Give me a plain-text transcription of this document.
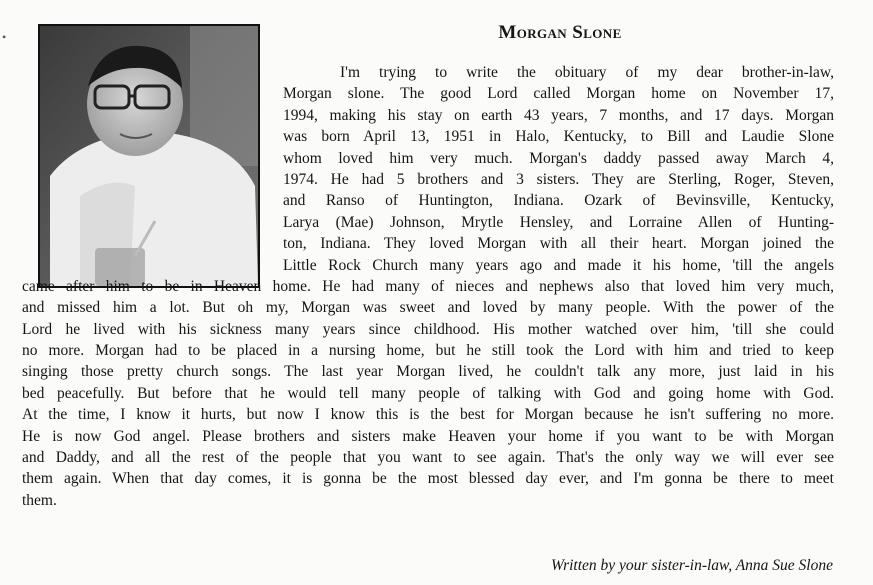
•	Morgan Slone
I'm trying to write the obituary of my dear brother-in-law,
Morgan slone. The good Lord called Morgan home on November 17,
1994, making his stay on earth 43 years, 7 months, and 17 days. Morgan
was born April 13, 1951 in Halo, Kentucky, to Bill and Laudie Slone
whom loved him very much. Morgan's daddy passed away March 4,
1974. He had 5 brothers and 3 sisters. They are Sterling, Roger, Steven,
and Ranso of Huntington, Indiana. Ozark of Bevinsville, Kentucky,
Larya (Mae) Johnson, Mrytle Hensley, and Lorraine Allen of Hunting-
ton, Indiana. They loved Morgan with all their heart. Morgan joined the
Little Rock Church many years ago and made it his home, 'till the angels
came after him to be in Heaven home. He had many of nieces and nephews also that loved him very much,
and missed him a lot. But oh my, Morgan was sweet and loved by many people. With the power of the
Lord he lived with his sickness many years since childhood. His mother watched over him, 'till she could
no more. Morgan had to be placed in a nursing home, but he still took the Lord with him and tried to keep
singing those pretty church songs. The last year Morgan lived, he couldn't talk any more, just laid in his
bed peacefully. But before that he would tell many people of talking with God and going home with God.
At the time, I know it hurts, but now I know this is the best for Morgan because he isn't suffering no more.
He is now God angel. Please brothers and sisters make Heaven your home if you want to be with Morgan
and Daddy, and all the rest of the people that you want to see again. That's the only way we will ever see
them again. When that day comes, it is gonna be the most blessed day ever, and I'm gonna be there to meet
them.

Written by your sister-in-law, Anna Sue Slone
